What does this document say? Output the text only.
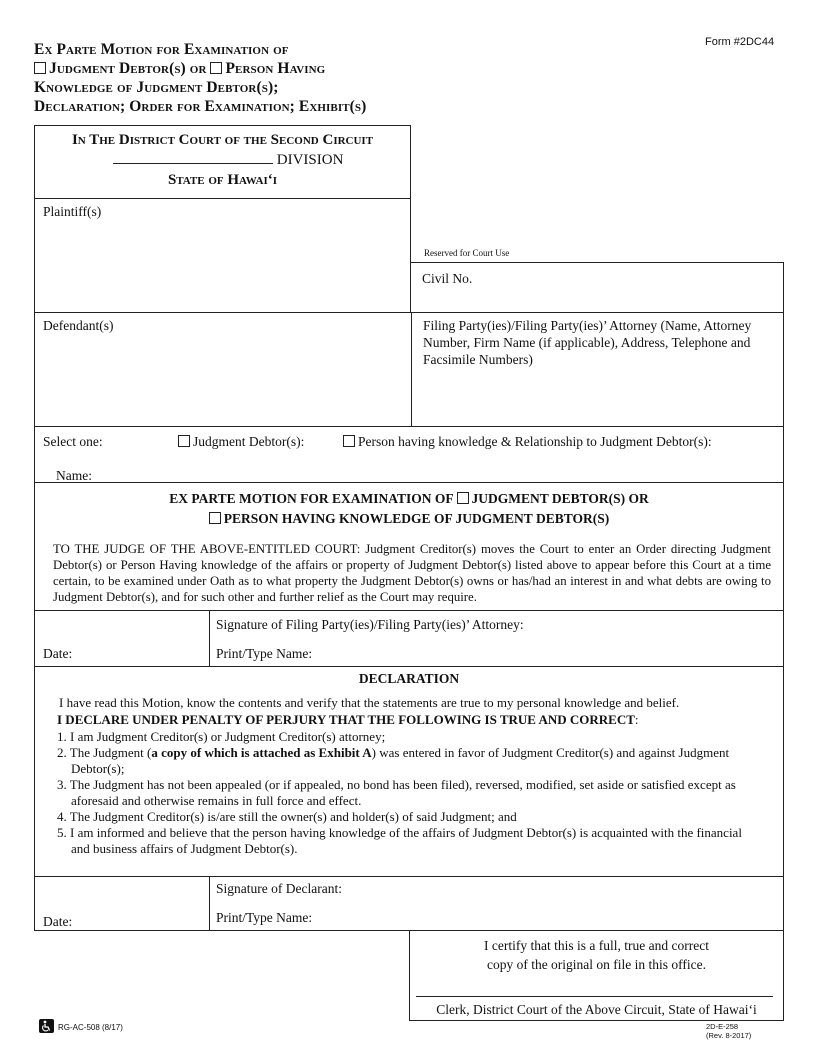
Form #2DC44
Ex Parte Motion for Examination of
Judgment Debtor(s) or Person Having
Knowledge of Judgment Debtor(s);
Declaration; Order for Examination; Exhibit(s)
In The District Court of the Second Circuit
DIVISION
State of Hawaiʻi
Plaintiff(s)
Reserved for Court Use
Civil No.
Defendant(s)	Filing Party(ies)/Filing Party(ies)’ Attorney (Name, Attorney Number, Firm Name (if applicable), Address, Telephone and Facsimile Numbers)
Select one:	Judgment Debtor(s):	Person having knowledge & Relationship to Judgment Debtor(s):
Name:
EX PARTE MOTION FOR EXAMINATION OF JUDGMENT DEBTOR(S) OR
PERSON HAVING KNOWLEDGE OF JUDGMENT DEBTOR(S)
TO THE JUDGE OF THE ABOVE-ENTITLED COURT: Judgment Creditor(s) moves the Court to enter an Order directing Judgment Debtor(s) or Person Having knowledge of the affairs or property of Judgment Debtor(s) listed above to appear before this Court at a time certain, to be examined under Oath as to what property the Judgment Debtor(s) owns or has/had an interest in and what debts are owing to Judgment Debtor(s), and for such other and further relief as the Court may require.
Date:
Signature of Filing Party(ies)/Filing Party(ies)’ Attorney:
Print/Type Name:
DECLARATION
I have read this Motion, know the contents and verify that the statements are true to my personal knowledge and belief.
I DECLARE UNDER PENALTY OF PERJURY THAT THE FOLLOWING IS TRUE AND CORRECT:
1. I am Judgment Creditor(s) or Judgment Creditor(s) attorney;
2. The Judgment (a copy of which is attached as Exhibit A) was entered in favor of Judgment Creditor(s) and against Judgment Debtor(s);
3. The Judgment has not been appealed (or if appealed, no bond has been filed), reversed, modified, set aside or satisfied except as aforesaid and otherwise remains in full force and effect.
4. The Judgment Creditor(s) is/are still the owner(s) and holder(s) of said Judgment; and
5. I am informed and believe that the person having knowledge of the affairs of Judgment Debtor(s) is acquainted with the financial and business affairs of Judgment Debtor(s).
Date:
Signature of Declarant:
Print/Type Name:
I certify that this is a full, true and correct
copy of the original on file in this office.
Clerk, District Court of the Above Circuit, State of Hawaiʻi
RG-AC-508 (8/17)	2D-E-258
(Rev. 8-2017)
